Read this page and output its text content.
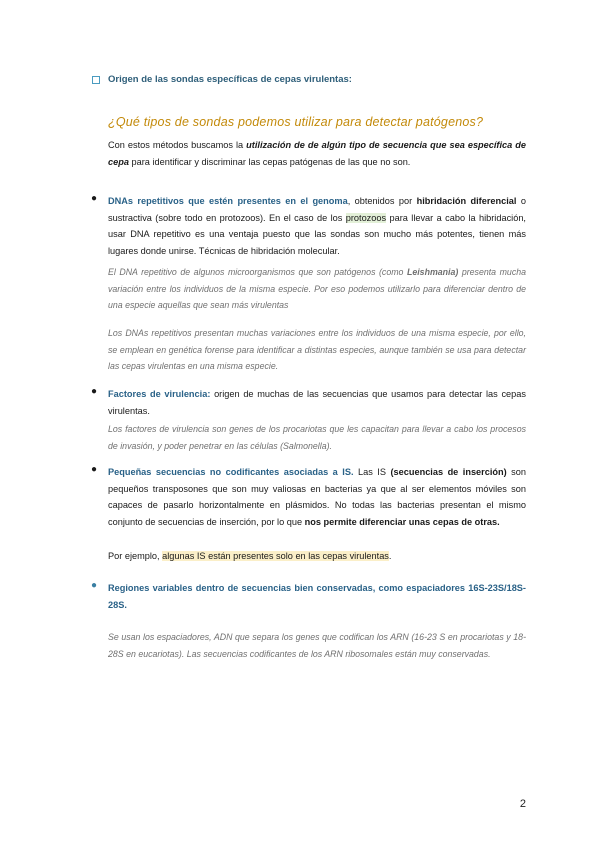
Origen de las sondas específicas de cepas virulentas:
¿Qué tipos de sondas podemos utilizar para detectar patógenos?

Con estos métodos buscamos la utilización de de algún tipo de secuencia que sea específica de cepa para identificar y discriminar las cepas patógenas de las que no son.

● DNAs repetitivos que estén presentes en el genoma, obtenidos por hibridación diferencial o sustractiva (sobre todo en protozoos). En el caso de los protozoos para llevar a cabo la hibridación, usar DNA repetitivo es una ventaja puesto que las sondas son mucho más potentes, tienen más lugares donde unirse. Técnicas de hibridación molecular.

El DNA repetitivo de algunos microorganismos que son patógenos (como Leishmania) presenta mucha variación entre los individuos de la misma especie. Por eso podemos utilizarlo para diferenciar dentro de una especie aquellas que sean más virulentas

Los DNAs repetitivos presentan muchas variaciones entre los individuos de una misma especie, por ello, se emplean en genética forense para identificar a distintas especies, aunque también se usa para detectar las cepas virulentas en una misma especie.

● Factores de virulencia: origen de muchas de las secuencias que usamos para detectar las cepas virulentas.

Los factores de virulencia son genes de los procariotas que les capacitan para llevar a cabo los procesos de invasión, y poder penetrar en las células (Salmonella).

● Pequeñas secuencias no codificantes asociadas a IS. Las IS (secuencias de inserción) son pequeños transposones que son muy valiosas en bacterias ya que al ser elementos móviles son capaces de pasarlo horizontalmente en plásmidos. No todas las bacterias presentan el mismo conjunto de secuencias de inserción, por lo que nos permite diferenciar unas cepas de otras.

Por ejemplo, algunas IS están presentes solo en las cepas virulentas.

● Regiones variables dentro de secuencias bien conservadas, como espaciadores 16S-23S/18S- 28S.

Se usan los espaciadores, ADN que separa los genes que codifican los ARN (16-23 S en procariotas y 18-28S en eucariotas). Las secuencias codificantes de los ARN ribosomales están muy conservadas.

2
